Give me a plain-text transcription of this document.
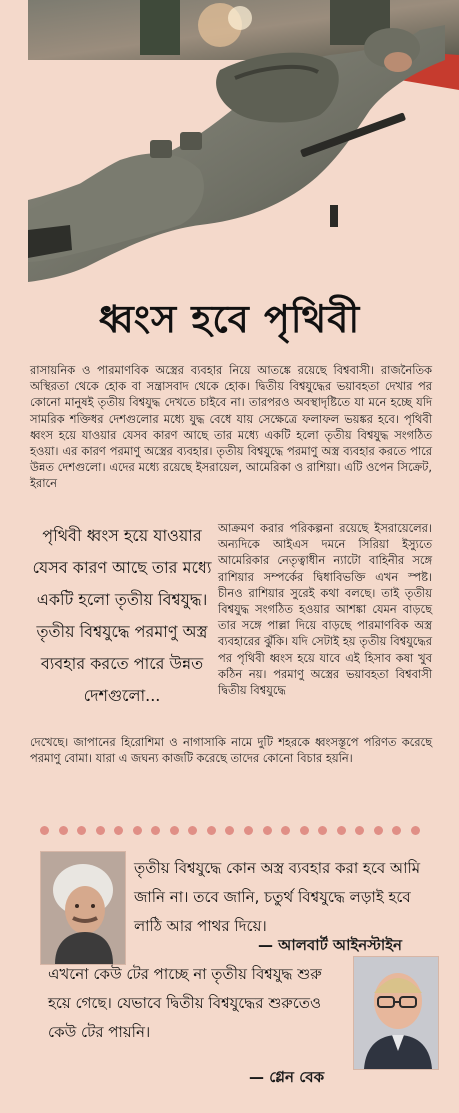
ধ্বংস হবে পৃথিবী
রাসায়নিক ও পারমাণবিক অস্ত্রের ব্যবহার নিয়ে আতঙ্কে রয়েছে বিশ্ববাসী। রাজনৈতিক অস্থিরতা থেকে হোক বা সন্ত্রাসবাদ থেকে হোক। দ্বিতীয় বিশ্বযুদ্ধের ভয়াবহতা দেখার পর কোনো মানুষই তৃতীয় বিশ্বযুদ্ধ দেখতে চাইবে না। তারপরও অবস্থাদৃষ্টিতে যা মনে হচ্ছে যদি সামরিক শক্তিধর দেশগুলোর মধ্যে যুদ্ধ বেধে যায় সেক্ষেত্রে ফলাফল ভয়ঙ্কর হবে। পৃথিবী ধ্বংস হয়ে যাওয়ার যেসব কারণ আছে তার মধ্যে একটি হলো তৃতীয় বিশ্বযুদ্ধ সংগঠিত হওয়া। এর কারণ পরমাণু অস্ত্রের ব্যবহার। তৃতীয় বিশ্বযুদ্ধে পরমাণু অস্ত্র ব্যবহার করতে পারে উন্নত দেশগুলো। এদের মধ্যে রয়েছে ইসরায়েল, আমেরিকা ও রাশিয়া। এটি ওপেন সিক্রেট, ইরানে
পৃথিবী ধ্বংস হয়ে যাওয়ার যেসব কারণ আছে তার মধ্যে একটি হলো তৃতীয় বিশ্বযুদ্ধ। তৃতীয় বিশ্বযুদ্ধে পরমাণু অস্ত্র ব্যবহার করতে পারে উন্নত দেশগুলো...
আক্রমণ করার পরিকল্পনা রয়েছে ইসরায়েলের। অন্যদিকে আইএস দমনে সিরিয়া ইস্যুতে আমেরিকার নেতৃত্বাধীন ন্যাটো বাহিনীর সঙ্গে রাশিয়ার সম্পর্কের দ্বিধাবিভক্তি এখন স্পষ্ট। চীনও রাশিয়ার সুরেই কথা বলছে। তাই তৃতীয় বিশ্বযুদ্ধ সংগঠিত হওয়ার আশঙ্কা যেমন বাড়ছে তার সঙ্গে পাল্লা দিয়ে বাড়ছে পারমাণবিক অস্ত্র ব্যবহারের ঝুঁকি। যদি সেটাই হয় তৃতীয় বিশ্বযুদ্ধের পর পৃথিবী ধ্বংস হয়ে যাবে এই হিসাব কষা খুব কঠিন নয়। পরমাণু অস্ত্রের ভয়াবহতা বিশ্ববাসী দ্বিতীয় বিশ্বযুদ্ধে
দেখেছে। জাপানের হিরোশিমা ও নাগাসাকি নামে দুটি শহরকে ধ্বংসস্তূপে পরিণত করেছে পরমাণু বোমা। যারা এ জঘন্য কাজটি করেছে তাদের কোনো বিচার হয়নি।
তৃতীয় বিশ্বযুদ্ধে কোন অস্ত্র ব্যবহার করা হবে আমি জানি না। তবে জানি, চতুর্থ বিশ্বযুদ্ধে লড়াই হবে লাঠি আর পাথর দিয়ে।
— আলবার্ট আইনস্টাইন
এখনো কেউ টের পাচ্ছে না তৃতীয় বিশ্বযুদ্ধ শুরু হয়ে গেছে। যেভাবে দ্বিতীয় বিশ্বযুদ্ধের শুরুতেও কেউ টের পায়নি।
— গ্লেন বেক
